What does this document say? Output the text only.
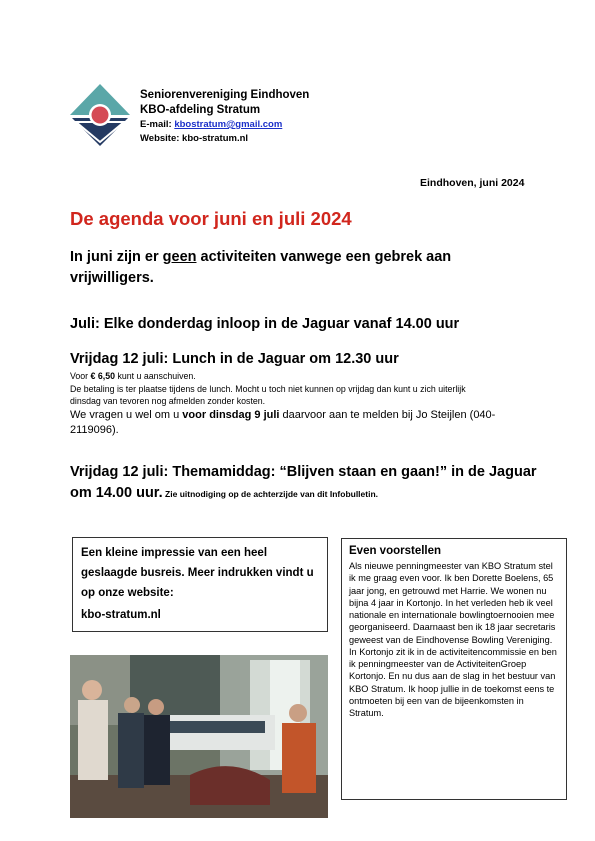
Seniorenvereniging Eindhoven
KBO-afdeling Stratum
E-mail: kbostratum@gmail.com
Website: kbo-stratum.nl
Eindhoven, juni 2024
De agenda voor juni en juli 2024
In juni zijn er geen activiteiten vanwege een gebrek aan vrijwilligers.
Juli: Elke donderdag inloop in de Jaguar vanaf 14.00 uur
Vrijdag 12 juli: Lunch in de Jaguar om 12.30 uur
Voor € 6,50 kunt u aanschuiven.
De betaling is ter plaatse tijdens de lunch. Mocht u toch niet kunnen op vrijdag dan kunt u zich uiterlijk dinsdag van tevoren nog afmelden zonder kosten.
We vragen u wel om u voor dinsdag 9 juli daarvoor aan te melden bij Jo Steijlen (040-2119096).
Vrijdag 12 juli: Themamiddag: “Blijven staan en gaan!” in de Jaguar om 14.00 uur. Zie uitnodiging op de achterzijde van dit Infobulletin.
Een kleine impressie van een heel geslaagde busreis. Meer indrukken vindt u op onze website:
kbo-stratum.nl
Even voorstellen
Als nieuwe penningmeester van KBO Stratum stel ik me graag even voor. Ik ben Dorette Boelens, 65 jaar jong, en getrouwd met Harrie. We wonen nu bijna 4 jaar in Kortonjo. In het verleden heb ik veel nationale en internationale bowlingtoernooien mee georganiseerd. Daarnaast ben ik 18 jaar secretaris geweest van de Eindhovense Bowling Vereniging. In Kortonjo zit ik in de activiteitencommissie en ben ik penningmeester van de ActiviteitenGroep Kortonjo. En nu dus aan de slag in het bestuur van KBO Stratum. Ik hoop jullie in de toekomst eens te ontmoeten bij een van de bijeenkomsten in Stratum.
